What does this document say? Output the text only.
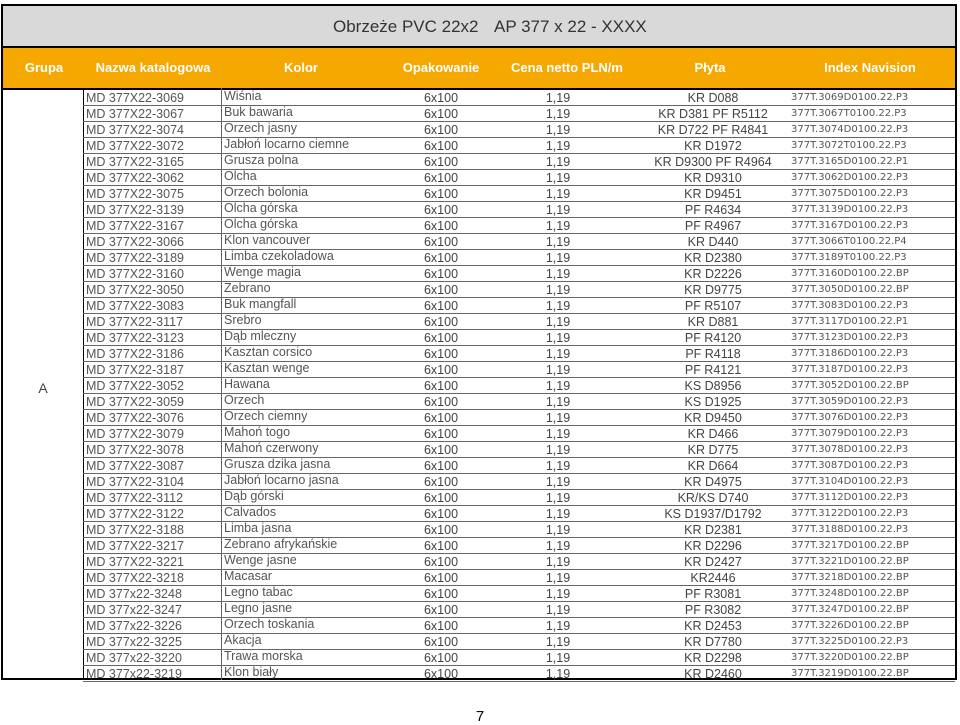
Obrzeże PVC 22x2 AP 377 x 22 - XXXX
Grupa	Nazwa katalogowa	Kolor	Opakowanie	Cena netto PLN/m	Płyta	Index Navision
A
MD 377X22-3069	Wiśnia	6x100	1,19	KR D088	377T.3069D0100.22.P3
MD 377X22-3067	Buk bawaria	6x100	1,19	KR D381 PF R5112	377T.3067T0100.22.P3
MD 377X22-3074	Orzech jasny	6x100	1,19	KR D722 PF R4841	377T.3074D0100.22.P3
MD 377X22-3072	Jabłoń locarno ciemne	6x100	1,19	KR D1972	377T.3072T0100.22.P3
MD 377X22-3165	Grusza polna	6x100	1,19	KR D9300 PF R4964	377T.3165D0100.22.P1
MD 377X22-3062	Olcha	6x100	1,19	KR D9310	377T.3062D0100.22.P3
MD 377X22-3075	Orzech bolonia	6x100	1,19	KR D9451	377T.3075D0100.22.P3
MD 377X22-3139	Olcha górska	6x100	1,19	PF R4634	377T.3139D0100.22.P3
MD 377X22-3167	Olcha górska	6x100	1,19	PF R4967	377T.3167D0100.22.P3
MD 377X22-3066	Klon vancouver	6x100	1,19	KR D440	377T.3066T0100.22.P4
MD 377X22-3189	Limba czekoladowa	6x100	1,19	KR D2380	377T.3189T0100.22.P3
MD 377X22-3160	Wenge magia	6x100	1,19	KR D2226	377T.3160D0100.22.BP
MD 377X22-3050	Zebrano	6x100	1,19	KR D9775	377T.3050D0100.22.BP
MD 377X22-3083	Buk mangfall	6x100	1,19	PF R5107	377T.3083D0100.22.P3
MD 377X22-3117	Srebro	6x100	1,19	KR D881	377T.3117D0100.22.P1
MD 377X22-3123	Dąb mleczny	6x100	1,19	PF R4120	377T.3123D0100.22.P3
MD 377X22-3186	Kasztan corsico	6x100	1,19	PF R4118	377T.3186D0100.22.P3
MD 377X22-3187	Kasztan wenge	6x100	1,19	PF R4121	377T.3187D0100.22.P3
MD 377X22-3052	Hawana	6x100	1,19	KS D8956	377T.3052D0100.22.BP
MD 377X22-3059	Orzech	6x100	1,19	KS D1925	377T.3059D0100.22.P3
MD 377X22-3076	Orzech ciemny	6x100	1,19	KR D9450	377T.3076D0100.22.P3
MD 377X22-3079	Mahoń togo	6x100	1,19	KR D466	377T.3079D0100.22.P3
MD 377X22-3078	Mahoń czerwony	6x100	1,19	KR D775	377T.3078D0100.22.P3
MD 377X22-3087	Grusza dzika jasna	6x100	1,19	KR D664	377T.3087D0100.22.P3
MD 377X22-3104	Jabłoń locarno jasna	6x100	1,19	KR D4975	377T.3104D0100.22.P3
MD 377X22-3112	Dąb górski	6x100	1,19	KR/KS D740	377T.3112D0100.22.P3
MD 377X22-3122	Calvados	6x100	1,19	KS D1937/D1792	377T.3122D0100.22.P3
MD 377X22-3188	Limba jasna	6x100	1,19	KR D2381	377T.3188D0100.22.P3
MD 377X22-3217	Zebrano afrykańskie	6x100	1,19	KR D2296	377T.3217D0100.22.BP
MD 377X22-3221	Wenge jasne	6x100	1,19	KR D2427	377T.3221D0100.22.BP
MD 377X22-3218	Macasar	6x100	1,19	KR2446	377T.3218D0100.22.BP
MD 377x22-3248	Legno tabac	6x100	1,19	PF R3081	377T.3248D0100.22.BP
MD 377x22-3247	Legno jasne	6x100	1,19	PF R3082	377T.3247D0100.22.BP
MD 377x22-3226	Orzech toskania	6x100	1,19	KR D2453	377T.3226D0100.22.BP
MD 377x22-3225	Akacja	6x100	1,19	KR D7780	377T.3225D0100.22.P3
MD 377x22-3220	Trawa morska	6x100	1,19	KR D2298	377T.3220D0100.22.BP
MD 377x22-3219	Klon biały	6x100	1,19	KR D2460	377T.3219D0100.22.BP
7
